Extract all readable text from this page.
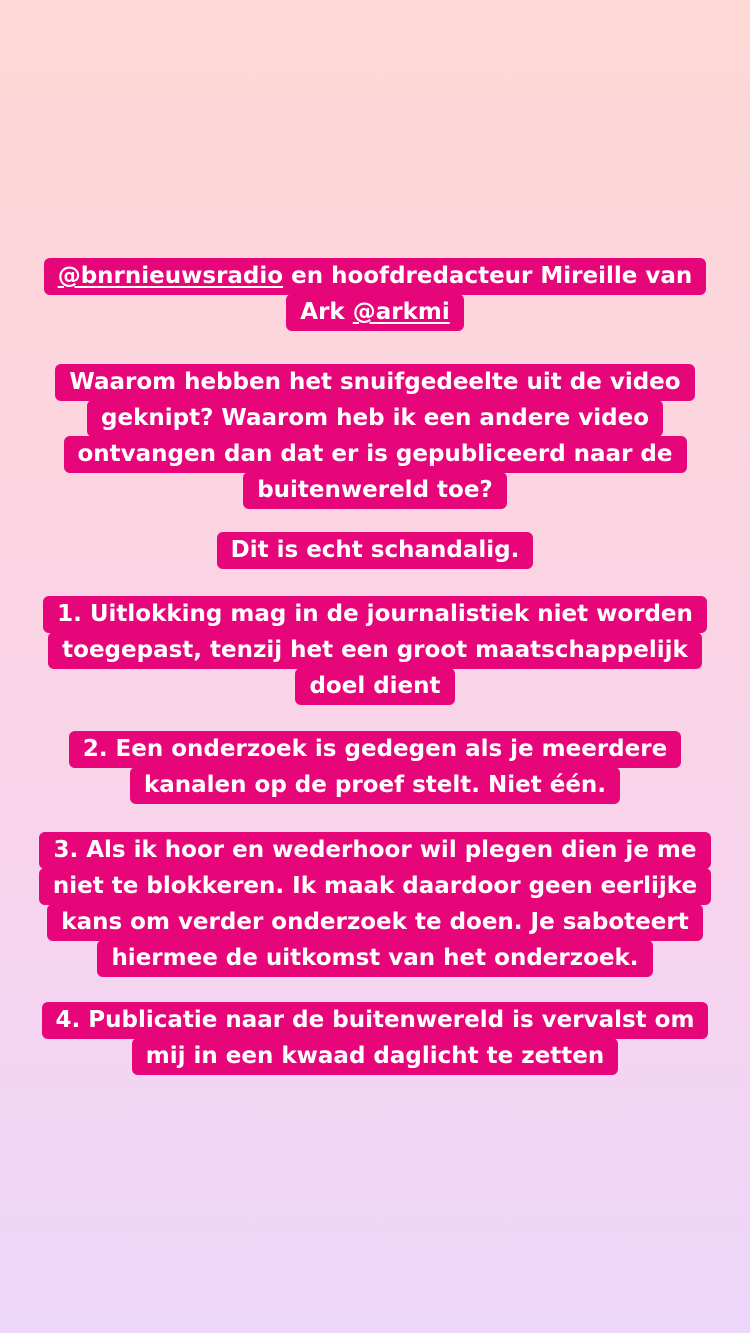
@bnrnieuwsradio en hoofdredacteur Mireille van
Ark @arkmi
Waarom hebben het snuifgedeelte uit de video
geknipt? Waarom heb ik een andere video
ontvangen dan dat er is gepubliceerd naar de
buitenwereld toe?
Dit is echt schandalig.
1. Uitlokking mag in de journalistiek niet worden
toegepast, tenzij het een groot maatschappelijk
doel dient
2. Een onderzoek is gedegen als je meerdere
kanalen op de proef stelt. Niet één.
3. Als ik hoor en wederhoor wil plegen dien je me
niet te blokkeren. Ik maak daardoor geen eerlijke
kans om verder onderzoek te doen. Je saboteert
hiermee de uitkomst van het onderzoek.
4. Publicatie naar de buitenwereld is vervalst om
mij in een kwaad daglicht te zetten
